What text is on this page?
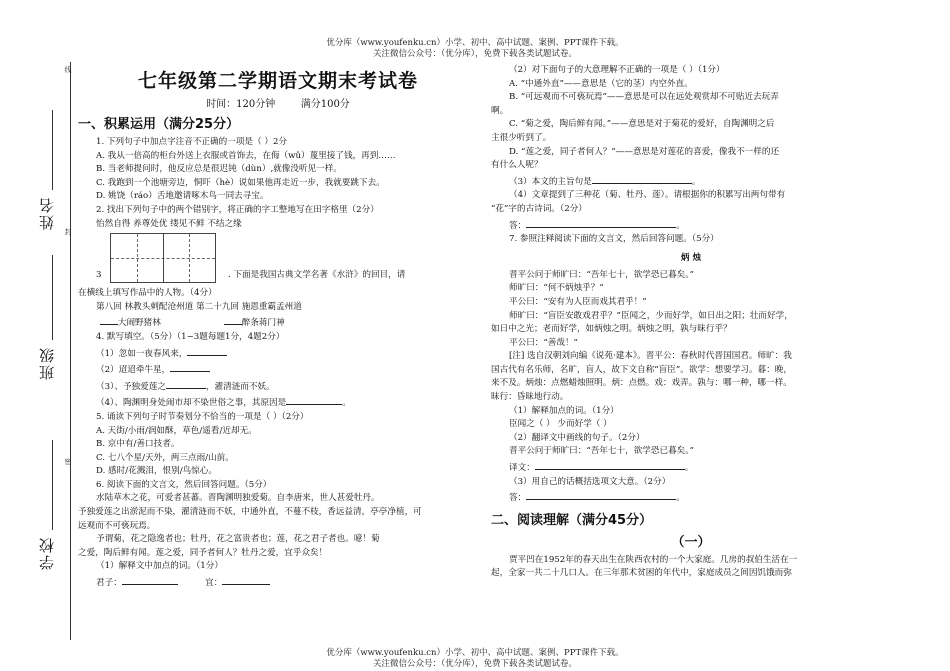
优分库（www.youfenku.cn）小学、初中、高中试题、案例、PPT课件下载。
关注微信公众号：（优分库），免费下载各类试题试卷。
优分库（www.youfenku.cn）小学、初中、高中试题、案例、PPT课件下载。
关注微信公众号：（优分库），免费下载各类试题试卷。
线
封
密
姓名
班级
学校

七年级第二学期语文期末考试卷

时间：120分钟	满分100分

一、积累运用（满分25分）

1. 下列句子中加点字注音不正确的一项是（ ）2分

A. 我从一倍高的柜台外送上衣服或首饰去，在侮（wǔ）蔑里接了钱，再到……

B. 当老师提问时，他反应总是很迟钝（dùn）,就像没听见一样。

C. 我跑到一个池塘旁边，恫吓（hè）说如果他再走近一步，我就要跳下去。

D. 姚饶（ráo）舌地邀请啄木鸟一同去寻宝。

2. 找出下列句子中的两个错别字，将正确的字工整地写在田字格里（2分）

怡然自得 养尊处优 缕见不鲜 不结之缘

3	. 下面是我国古典文学名著《水浒》的回目，请

在横线上填写作品中的人物。（4分）

第八回 林教头刺配沧州道 第二十九回 施恩重霸孟州道

大闹野猪林	醉条蒋门神

4. 默写填空。（5分）（1~3题每题1分，4题2分）

（1）忽如一夜春风来，

（2）迢迢牵牛星，

（3）、予独爱莲之	，濯清涟而不妖。

（4）、陶渊明身处闹市却不染世俗之事，其原因是	。

5. 诵读下列句子时节奏划分不恰当的一项是（ ）（2分）

A. 天街/小雨/润如酥，草色/遥看/近却无。

B. 京中有/善口技者。

C. 七八个星/天外，两三点雨/山前。

D. 感时/花溅泪，恨别/鸟惊心。

6. 阅读下面的文言文，然后回答问题。（5分）

水陆草木之花，可爱者甚蕃。晋陶渊明独爱菊。自李唐来，世人甚爱牡丹。

予独爱莲之出淤泥而不染，濯清涟而不妖，中通外直，不蔓不枝，香远益清，亭亭净植，可

远观而不可亵玩焉。

予谓菊，花之隐逸者也；牡丹，花之富贵者也；莲，花之君子者也。噫！菊

之爱，陶后鲜有闻。莲之爱，同予者何人？牡丹之爱，宜乎众矣！

（1）解释文中加点的词。（1分）

君子：	宜：

（2）对下面句子的大意理解不正确的一项是（ ）（1分）

A. “中通外直”——意思是（它的茎）内空外直。

B. “可远观而不可亵玩焉”——意思是可以在远处观赏却不可贴近去玩弄

啊。

C. “菊之爱，陶后鲜有闻。”——意思是对于菊花的爱好，自陶渊明之后

主很少听到了。

D. “莲之爱，同子者何人？”——意思是对莲花的喜爱，像我不一样的还

有什么人呢？

（3）本文的主旨句是	。

（4）文章提到了三种花（菊、牡丹、莲）。请根据你的积累写出两句带有

“花”字的古诗词。（2分）

答：	。

7. 参照注释阅读下面的文言文，然后回答问题。（5分）

炳 烛

晋平公问于师旷曰：“吾年七十，欲学恐已暮矣。”

师旷曰：“何不炳烛乎？”

平公曰：“安有为人臣而戏其君乎！”

师旷曰：“盲臣安敢戏君乎？”臣闻之，少而好学，如日出之阳；壮而好学，

如日中之光；老而好学，如炳烛之明。炳烛之明，孰与昧行乎？

平公曰：“善哉！”

[注] 选自汉朝刘向编《说苑·建本》。晋平公：春秋时代晋国国君。师旷：我

国古代有名乐师，名旷，盲人，故下文自称“盲臣”。欲学：想要学习。暮：晚，

来不及。炳烛：点燃蜡烛照明。炳：点燃。戏：戏弄。孰与：哪一种，哪一样。

昧行：昏昧地行动。

（1）解释加点的词。（1分）

臣闻之（ ） 少而好学（ ）

（2）翻译文中画线的句子。（2分）

晋平公问于师旷曰：“吾年七十，欲学恐已暮矣。”

译文：	。

（3）用自己的话概括选项文大意。（2分）

答：	。

二、阅读理解（满分45分）

（一）

贾平凹在1952年的春天出生在陕西农村的一个大家庭。几房的叔伯生活在一

起，全家一共二十几口人。在三年那术贫困的年代中，家庭成员之间因饥饿而弥
